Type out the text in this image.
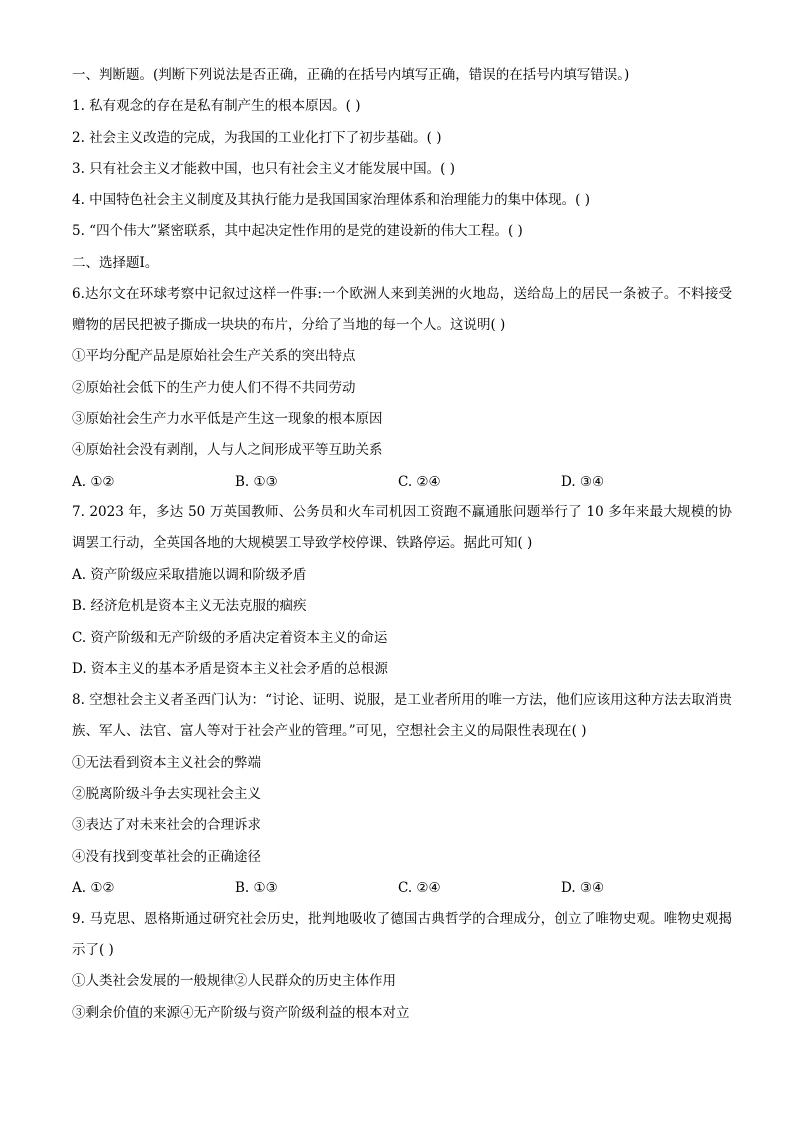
一、判断题。(判断下列说法是否正确，正确的在括号内填写正确，错误的在括号内填写错误。)
1. 私有观念的存在是私有制产生的根本原因。( )
2. 社会主义改造的完成，为我国的工业化打下了初步基础。( )
3. 只有社会主义才能救中国，也只有社会主义才能发展中国。( )
4. 中国特色社会主义制度及其执行能力是我国国家治理体系和治理能力的集中体现。( )
5. “四个伟大”紧密联系，其中起决定性作用的是党的建设新的伟大工程。( )
二、选择题Ⅰ。
6.达尔文在环球考察中记叙过这样一件事:一个欧洲人来到美洲的火地岛，送给岛上的居民一条被子。不料接受赠物的居民把被子撕成一块块的布片，分给了当地的每一个人。这说明( )
①平均分配产品是原始社会生产关系的突出特点
②原始社会低下的生产力使人们不得不共同劳动
③原始社会生产力水平低是产生这一现象的根本原因
④原始社会没有剥削，人与人之间形成平等互助关系
A. ①②	B. ①③	C. ②④	D. ③④
7. 2023 年，多达 50 万英国教师、公务员和火车司机因工资跑不赢通胀问题举行了 10 多年来最大规模的协调罢工行动，全英国各地的大规模罢工导致学校停课、铁路停运。据此可知( )
A. 资产阶级应采取措施以调和阶级矛盾
B. 经济危机是资本主义无法克服的痼疾
C. 资产阶级和无产阶级的矛盾决定着资本主义的命运
D. 资本主义的基本矛盾是资本主义社会矛盾的总根源
8. 空想社会主义者圣西门认为：“讨论、证明、说服，是工业者所用的唯一方法，他们应该用这种方法去取消贵族、军人、法官、富人等对于社会产业的管理。”可见，空想社会主义的局限性表现在( )
①无法看到资本主义社会的弊端
②脱离阶级斗争去实现社会主义
③表达了对未来社会的合理诉求
④没有找到变革社会的正确途径
A. ①②	B. ①③	C. ②④	D. ③④
9. 马克思、恩格斯通过研究社会历史，批判地吸收了德国古典哲学的合理成分，创立了唯物史观。唯物史观揭示了( )
①人类社会发展的一般规律②人民群众的历史主体作用
③剩余价值的来源④无产阶级与资产阶级利益的根本对立
